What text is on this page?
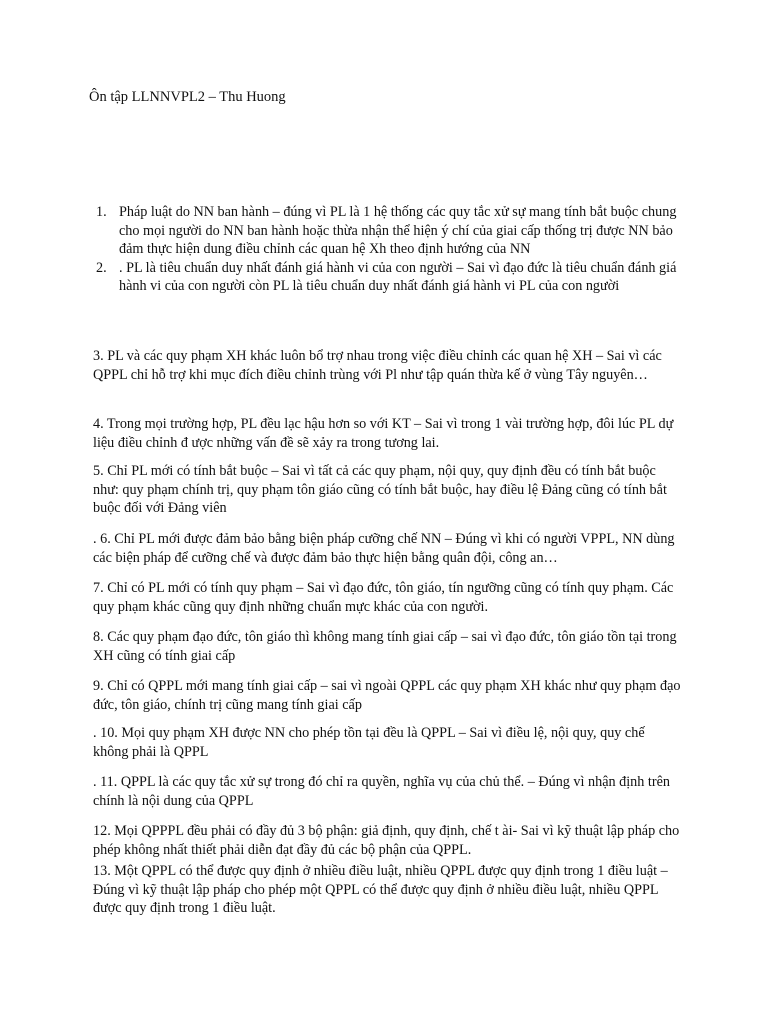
Ôn tập LLNNVPL2 – Thu Huong
1. Pháp luật do NN ban hành – đúng vì PL là 1 hệ thống các quy tắc xử sự mang tính bắt buộc chung cho mọi người do NN ban hành hoặc thừa nhận thể hiện ý chí của giai cấp thống trị được NN bảo đảm thực hiện dung điều chỉnh các quan hệ Xh theo định hướng của NN
2. . PL là tiêu chuẩn duy nhất đánh giá hành vi của con người – Sai vì đạo đức là tiêu chuẩn đánh giá hành vi của con người còn PL là tiêu chuẩn duy nhất đánh giá hành vi PL của con người

3. PL và các quy phạm XH khác luôn bổ trợ nhau trong việc điều chỉnh các quan hệ XH – Sai vì các QPPL chỉ hỗ trợ khi mục đích điều chỉnh trùng với Pl như tập quán thừa kế ở vùng Tây nguyên…

4. Trong mọi trường hợp, PL đều lạc hậu hơn so với KT – Sai vì trong 1 vài trường hợp, đôi lúc PL dự liệu điều chỉnh đ ược những vấn đề sẽ xảy ra trong tương lai.

5. Chỉ PL mới có tính bắt buộc – Sai vì tất cả các quy phạm, nội quy, quy định đều có tính bắt buộc như: quy phạm chính trị, quy phạm tôn giáo cũng có tính bắt buộc, hay điều lệ Đảng cũng có tính bắt buộc đối với Đảng viên

. 6. Chỉ PL mới được đảm bảo bằng biện pháp cưỡng chế NN – Đúng vì khi có người VPPL, NN dùng các biện pháp để cưỡng chế và được đảm bảo thực hiện bằng quân đội, công an…

7. Chỉ có PL mới có tính quy phạm – Sai vì đạo đức, tôn giáo, tín ngưỡng cũng có tính quy phạm. Các quy phạm khác cũng quy định những chuẩn mực khác của con người.

8. Các quy phạm đạo đức, tôn giáo thì không mang tính giai cấp – sai vì đạo đức, tôn giáo tồn tại trong XH cũng có tính giai cấp

9. Chỉ có QPPL mới mang tính giai cấp – sai vì ngoài QPPL các quy phạm XH khác như quy phạm đạo đức, tôn giáo, chính trị cũng mang tính giai cấp

. 10. Mọi quy phạm XH được NN cho phép tồn tại đều là QPPL – Sai vì điều lệ, nội quy, quy chế không phải là QPPL

. 11. QPPL là các quy tắc xử sự trong đó chỉ ra quyền, nghĩa vụ của chủ thể. – Đúng vì nhận định trên chính là nội dung của QPPL

12. Mọi QPPPL đều phải có đầy đủ 3 bộ phận: giả định, quy định, chế t ài- Sai vì kỹ thuật lập pháp cho phép không nhất thiết phải diễn đạt đầy đủ các bộ phận của QPPL.

13. Một QPPL có thể được quy định ở nhiều điều luật, nhiều QPPL được quy định trong 1 điều luật – Đúng vì kỹ thuật lập pháp cho phép một QPPL có thể được quy định ở nhiều điều luật, nhiều QPPL được quy định trong 1 điều luật.
